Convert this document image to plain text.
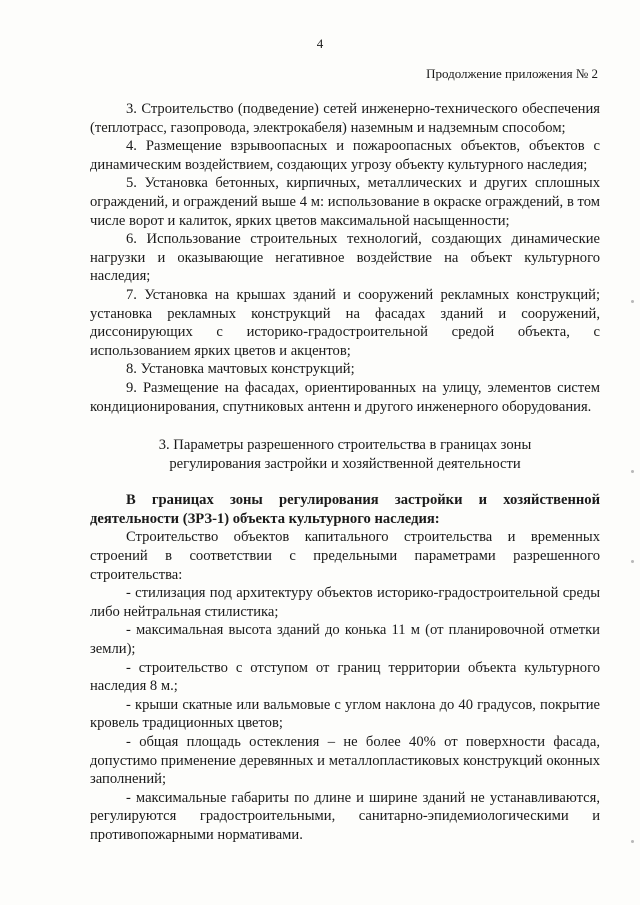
4
Продолжение приложения № 2

3. Строительство (подведение) сетей инженерно-технического обеспечения (теплотрасс, газопровода, электрокабеля) наземным и надземным способом;

4. Размещение взрывоопасных и пожароопасных объектов, объектов с динамическим воздействием, создающих угрозу объекту культурного наследия;

5. Установка бетонных, кирпичных, металлических и других сплошных ограждений, и ограждений выше 4 м: использование в окраске ограждений, в том числе ворот и калиток, ярких цветов максимальной насыщенности;

6. Использование строительных технологий, создающих динамические нагрузки и оказывающие негативное воздействие на объект культурного наследия;

7. Установка на крышах зданий и сооружений рекламных конструкций; установка рекламных конструкций на фасадах зданий и сооружений, диссонирующих с историко-градостроительной средой объекта, с использованием ярких цветов и акцентов;

8. Установка мачтовых конструкций;

9. Размещение на фасадах, ориентированных на улицу, элементов систем кондиционирования, спутниковых антенн и другого инженерного оборудования.

3. Параметры разрешенного строительства в границах зоны регулирования застройки и хозяйственной деятельности

В границах зоны регулирования застройки и хозяйственной деятельности (ЗРЗ-1) объекта культурного наследия:

Строительство объектов капитального строительства и временных строений в соответствии с предельными параметрами разрешенного строительства:

- стилизация под архитектуру объектов историко-градостроительной среды либо нейтральная стилистика;

- максимальная высота зданий до конька 11 м (от планировочной отметки земли);

- строительство с отступом от границ территории объекта культурного наследия 8 м.;

- крыши скатные или вальмовые с углом наклона до 40 градусов, покрытие кровель традиционных цветов;

- общая площадь остекления – не более 40% от поверхности фасада, допустимо применение деревянных и металлопластиковых конструкций оконных заполнений;

- максимальные габариты по длине и ширине зданий не устанавливаются, регулируются градостроительными, санитарно-эпидемиологическими и противопожарными нормативами.
